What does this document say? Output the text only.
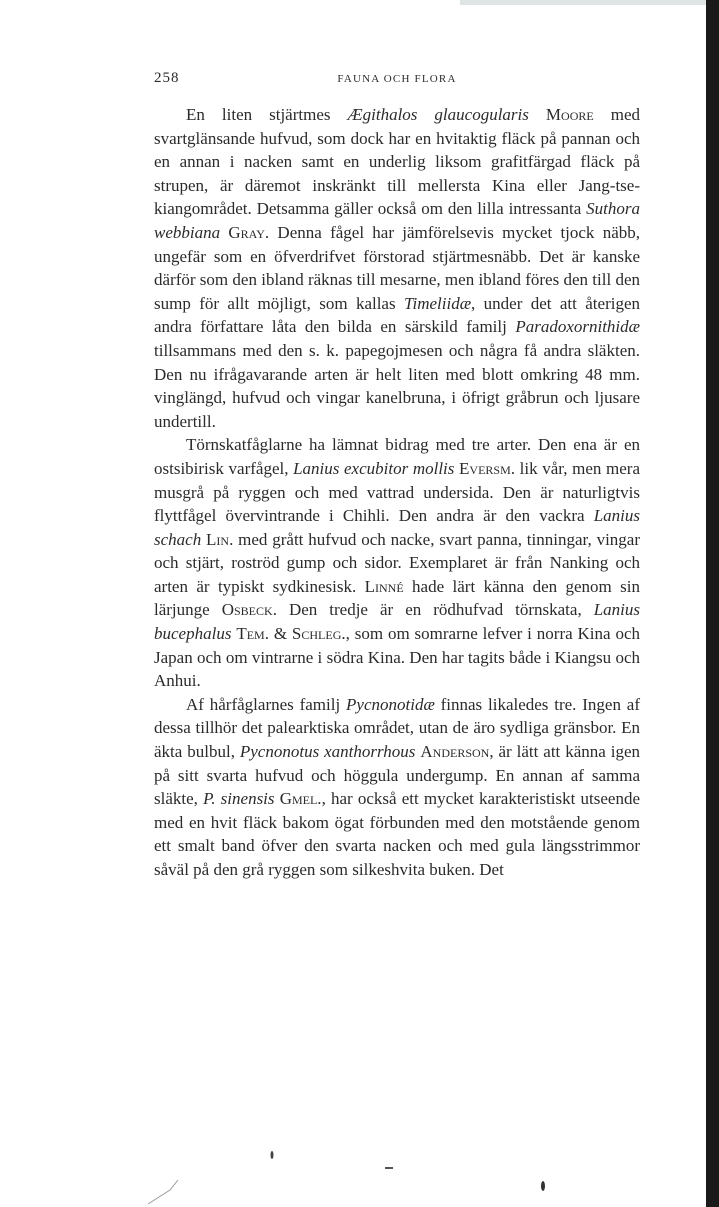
258	FAUNA OCH FLORA

En liten stjärtmes Ægithalos glaucogularis Moore med svartglänsande hufvud, som dock har en hvitaktig fläck på pannan och en annan i nacken samt en underlig liksom grafitfärgad fläck på strupen, är däremot inskränkt till mellersta Kina eller Jang-tse-kiangområdet. Detsamma gäller också om den lilla intressanta Suthora webbiana Gray. Denna fågel har jämförelsevis mycket tjock näbb, ungefär som en öfverdrifvet förstorad stjärtmesnäbb. Det är kanske därför som den ibland räknas till mesarne, men ibland föres den till den sump för allt möjligt, som kallas Timeliidæ, under det att återigen andra författare låta den bilda en särskild familj Paradoxornithidæ tillsammans med den s. k. papegojmesen och några få andra släkten. Den nu ifrågavarande arten är helt liten med blott omkring 48 mm. vinglängd, hufvud och vingar kanelbruna, i öfrigt gråbrun och ljusare undertill.

Törnskatfåglarne ha lämnat bidrag med tre arter. Den ena är en ostsibirisk varfågel, Lanius excubitor mollis Eversm. lik vår, men mera musgrå på ryggen och med vattrad undersida. Den är naturligtvis flyttfågel övervintrande i Chihli. Den andra är den vackra Lanius schach Lin. med grått hufvud och nacke, svart panna, tinningar, vingar och stjärt, roströd gump och sidor. Exemplaret är från Nanking och arten är typiskt sydkinesisk. Linné hade lärt känna den genom sin lärjunge Osbeck. Den tredje är en rödhufvad törnskata, Lanius bucephalus Tem. & Schleg., som om somrarne lefver i norra Kina och Japan och om vintrarne i södra Kina. Den har tagits både i Kiangsu och Anhui.

Af hårfåglarnes familj Pycnonotidæ finnas likaledes tre. Ingen af dessa tillhör det palearktiska området, utan de äro sydliga gränsbor. En äkta bulbul, Pycnonotus xanthorrhous Anderson, är lätt att känna igen på sitt svarta hufvud och höggula undergump. En annan af samma släkte, P. sinensis Gmel., har också ett mycket karakteristiskt utseende med en hvit fläck bakom ögat förbunden med den motstående genom ett smalt band öfver den svarta nacken och med gula längsstrimmor såväl på den grå ryggen som silkeshvita buken. Det
